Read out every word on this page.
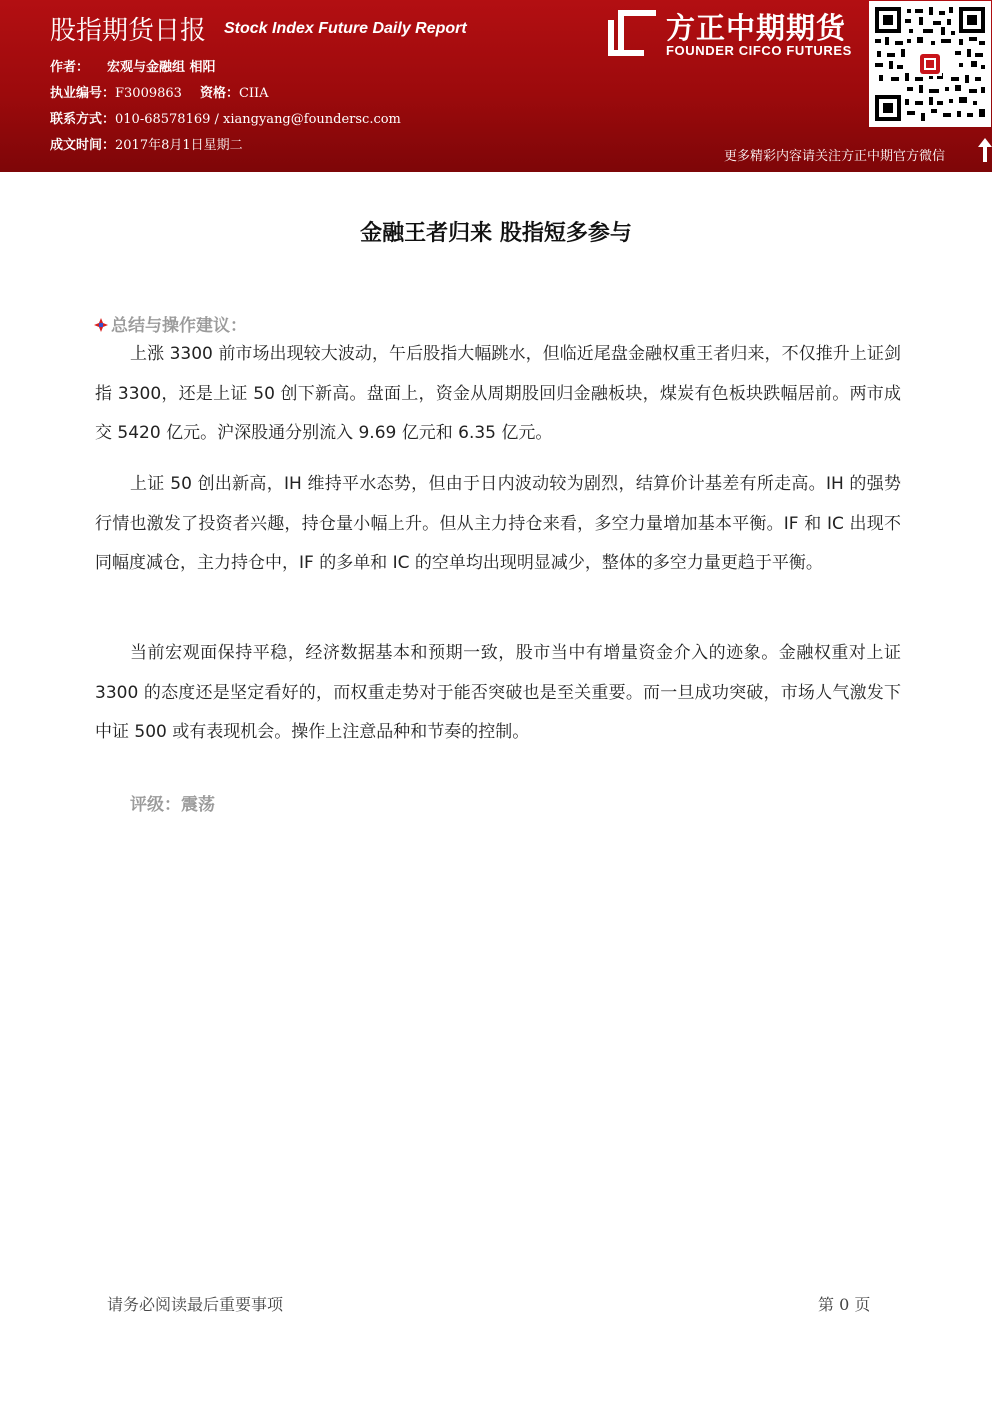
股指期货日报 Stock Index Future Daily Report
作者： 宏观与金融组 相阳
执业编号：F3009863 资格：CIIA
联系方式：010-68578169 / xiangyang@foundersc.com
成文时间：2017年8月1日星期二
方正中期期货
FOUNDER CIFCO FUTURES
更多精彩内容请关注方正中期官方微信
金融王者归来 股指短多参与
总结与操作建议：

上涨 3300 前市场出现较大波动，午后股指大幅跳水，但临近尾盘金融权重王者归来，不仅推升上证剑指 3300，还是上证 50 创下新高。盘面上，资金从周期股回归金融板块，煤炭有色板块跌幅居前。两市成交 5420 亿元。沪深股通分别流入 9.69 亿元和 6.35 亿元。

上证 50 创出新高，IH 维持平水态势，但由于日内波动较为剧烈，结算价计基差有所走高。IH 的强势行情也激发了投资者兴趣，持仓量小幅上升。但从主力持仓来看，多空力量增加基本平衡。IF 和 IC 出现不同幅度减仓，主力持仓中，IF 的多单和 IC 的空单均出现明显减少，整体的多空力量更趋于平衡。

当前宏观面保持平稳，经济数据基本和预期一致，股市当中有增量资金介入的迹象。金融权重对上证 3300 的态度还是坚定看好的，而权重走势对于能否突破也是至关重要。而一旦成功突破，市场人气激发下中证 500 或有表现机会。操作上注意品种和节奏的控制。

评级：震荡
请务必阅读最后重要事项	第 0 页
